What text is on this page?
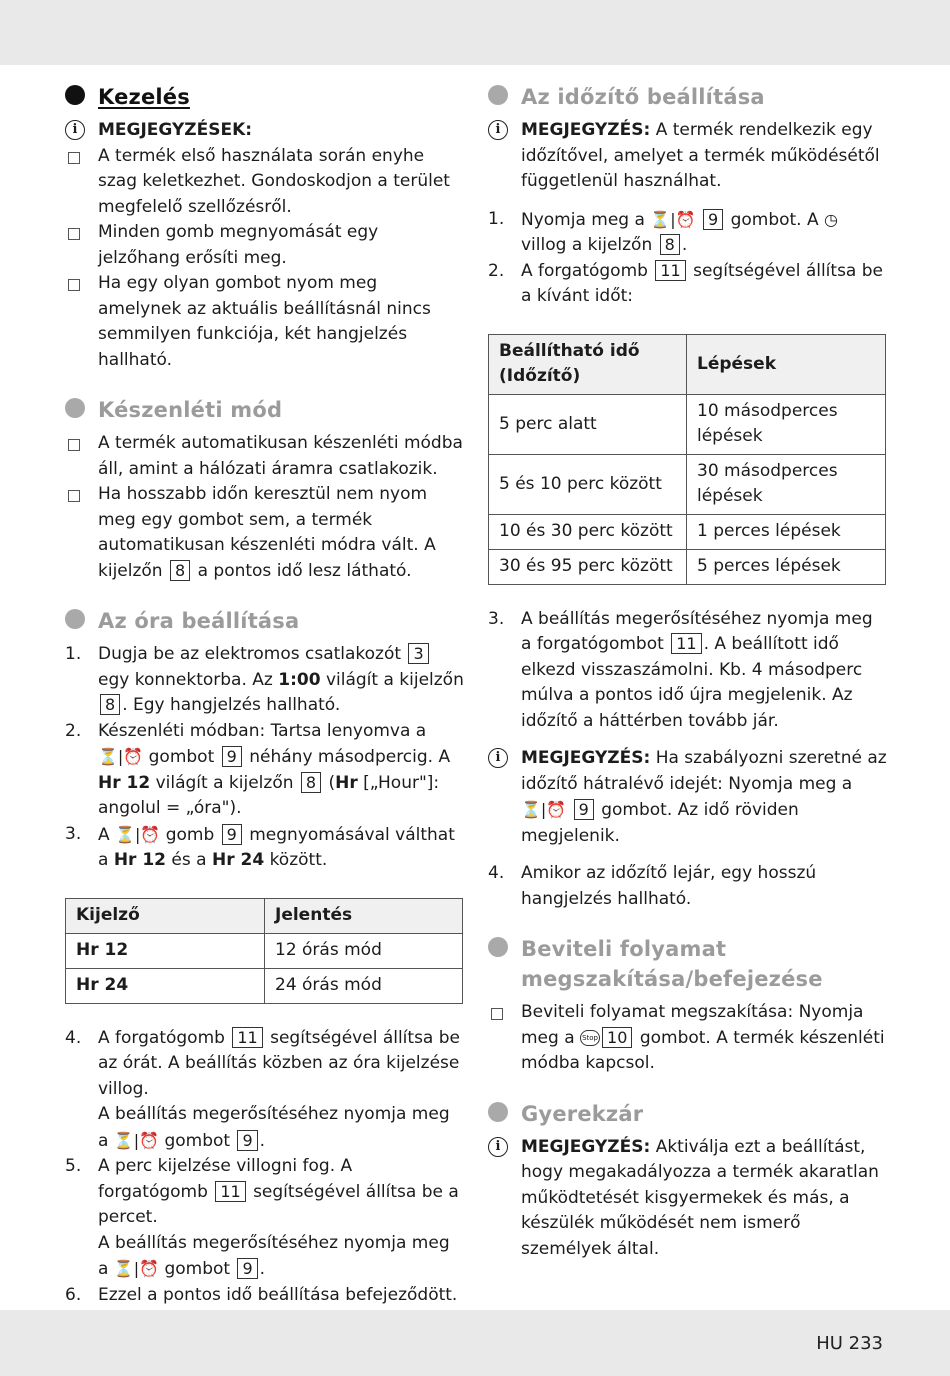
Kezelés
i	MEGJEGYZÉSEK:
A termék első használata során enyhe szag keletkezhet. Gondoskodjon a terület megfelelő szellőzésről.
Minden gomb megnyomását egy jelzőhang erősíti meg.
Ha egy olyan gombot nyom meg amelynek az aktuális beállításnál nincs semmilyen funkciója, két hangjelzés hallható.
Készenléti mód
A termék automatikusan készenléti módba áll, amint a hálózati áramra csatlakozik.
Ha hosszabb időn keresztül nem nyom meg egy gombot sem, a termék automatikusan készenléti módra vált. A kijelzőn 8 a pontos idő lesz látható.
Az óra beállítása
1. Dugja be az elektromos csatlakozót 3 egy konnektorba. Az 1:00 világít a kijelzőn 8 . Egy hangjelzés hallható.
2. Készenléti módban: Tartsa lenyomva a ⏳|⏰ gombot 9 néhány másodpercig. A Hr 12 világít a kijelzőn 8 (Hr [„Hour"]: angolul = „óra").
3. A ⏳|⏰ gomb 9 megnyomásával válthat a Hr 12 és a Hr 24 között.
Kijelző	Jelentés
Hr 12	12 órás mód
Hr 24	24 órás mód
4. A forgatógomb 11 segítségével állítsa be az órát. A beállítás közben az óra kijelzése villog.
A beállítás megerősítéséhez nyomja meg a ⏳|⏰ gombot 9 .
5. A perc kijelzése villogni fog. A forgatógomb 11 segítségével állítsa be a percet.
A beállítás megerősítéséhez nyomja meg a ⏳|⏰ gombot 9 .
6. Ezzel a pontos idő beállítása befejeződött.
Az időzítő beállítása
i	MEGJEGYZÉS: A termék rendelkezik egy időzítővel, amelyet a termék működésétől függetlenül használhat.
1. Nyomja meg a ⏳|⏰ 9 gombot. A ◷ villog a kijelzőn 8 .
2. A forgatógomb 11 segítségével állítsa be a kívánt időt:
Beállítható idő (Időzítő)	Lépések
5 perc alatt	10 másodperces lépések
5 és 10 perc között	30 másodperces lépések
10 és 30 perc között	1 perces lépések
30 és 95 perc között	5 perces lépések
3. A beállítás megerősítéséhez nyomja meg a forgatógombot 11 . A beállított idő elkezd visszaszámolni. Kb. 4 másodperc múlva a pontos idő újra megjelenik. Az időzítő a háttérben tovább jár.
i	MEGJEGYZÉS: Ha szabályozni szeretné az időzítő hátralévő idejét: Nyomja meg a ⏳|⏰ 9 gombot. Az idő röviden megjelenik.
4. Amikor az időzítő lejár, egy hosszú hangjelzés hallható.
Beviteli folyamat megszakítása/befejezése
Beviteli folyamat megszakítása: Nyomja meg a Stop 10 gombot. A termék készenléti módba kapcsol.
Gyerekzár
i	MEGJEGYZÉS: Aktiválja ezt a beállítást, hogy megakadályozza a termék akaratlan működtetését kisgyermekek és más, a készülék működését nem ismerő személyek által.
HU 233
